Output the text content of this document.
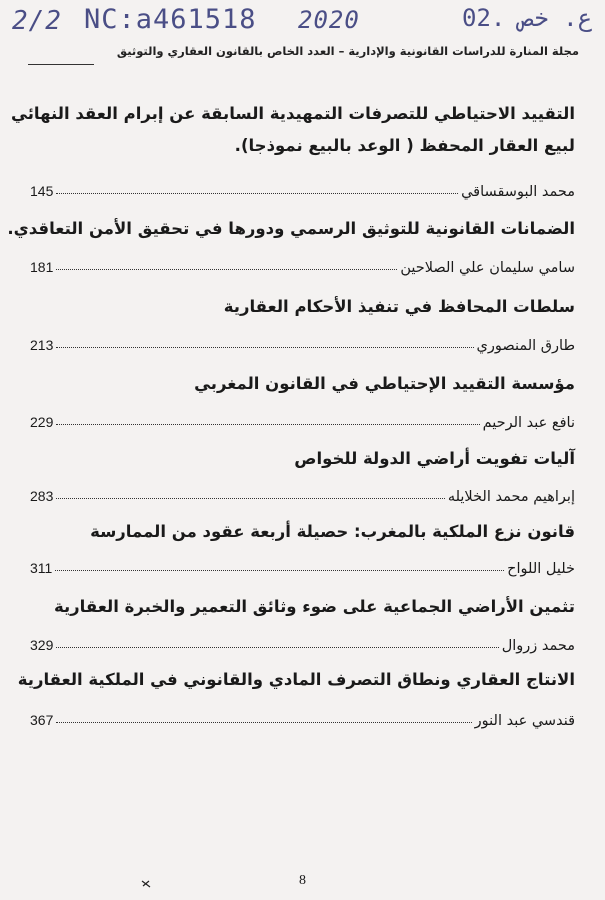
2/2 NC:a461518 2020	ع. خص .02
مجلة المنارة للدراسات القانونية والإدارية – العدد الخاص بالقانون العقاري والتوثيق
التقييد الاحتياطي للتصرفات التمهيدية السابقة عن إبرام العقد النهائي
لبيع العقار المحفظ ( الوعد بالبيع نموذجا).
145	محمد البوسقساقي
الضمانات القانونية للتوثيق الرسمي ودورها في تحقيق الأمن التعاقدي.
181	سامي سليمان علي الصلاحين
سلطات المحافظ في تنفيذ الأحكام العقارية
213	طارق المنصوري
مؤسسة التقييد الإحتياطي في القانون المغربي
229	نافع عبد الرحيم
آليات تفويت أراضي الدولة للخواص
283	إبراهيم محمد الخلايله
قانون نزع الملكية بالمغرب: حصيلة أربعة عقود من الممارسة
311	خليل اللواح
تثمين الأراضي الجماعية على ضوء وثائق التعمير والخبرة العقارية
329	محمد زروال
الانتاج العقاري ونطاق التصرف المادي والقانوني في الملكية العقارية
367	قندسي عبد النور
8
